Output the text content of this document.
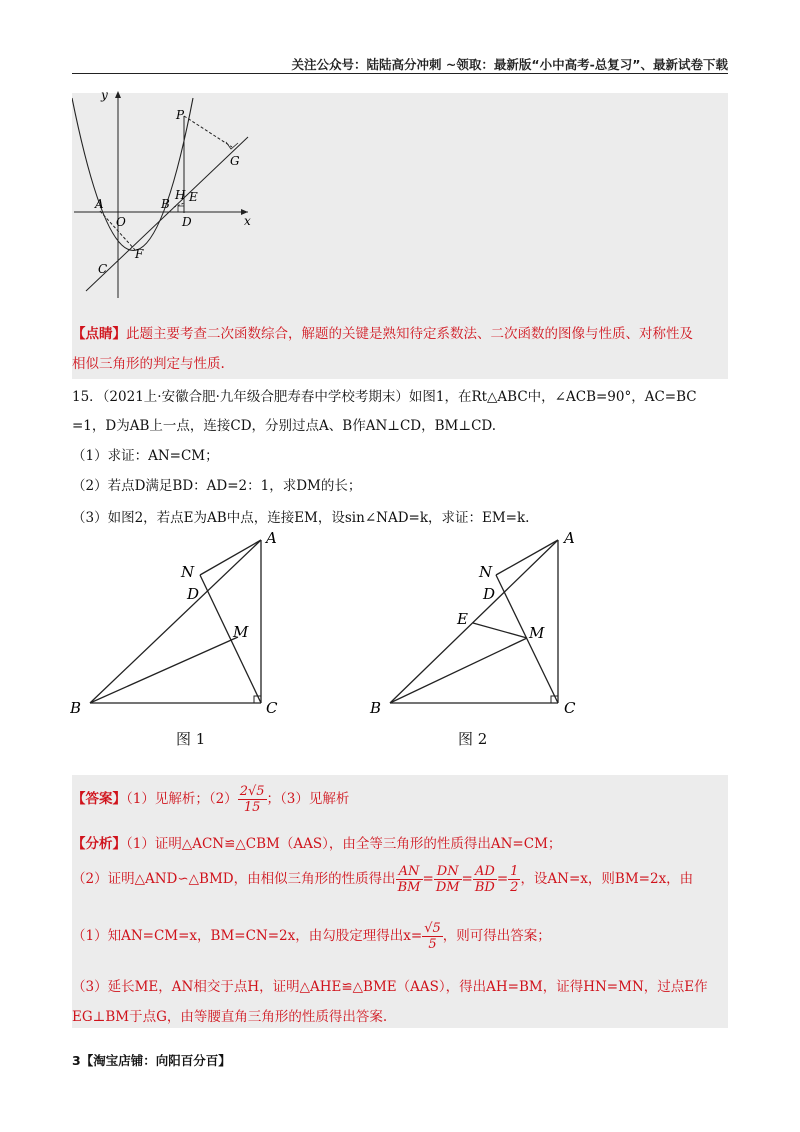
关注公众号：陆陆高分冲刺 ~领取：最新版“小中高考-总复习”、最新试卷下载
y
x
P
G
H E
A
O
B
D
F
C
【点睛】此题主要考查二次函数综合，解题的关键是熟知待定系数法、二次函数的图像与性质、对称性及
相似三角形的判定与性质.
15．（2021上·安徽合肥·九年级合肥寿春中学校考期末）如图1，在Rt△ABC中，∠ACB=90°，AC=BC
=1，D为AB上一点，连接CD，分别过点A、B作AN⊥CD，BM⊥CD.
（1）求证：AN=CM；
（2）若点D满足BD：AD=2：1，求DM的长；
（3）如图2，若点E为AB中点，连接EM，设sin∠NAD=k，求证：EM=k.
A
N
D
M
B	C
图 1
A
N
D
E
M
B	C
图 2
【答案】（1）见解析；$(2) \frac{2√5}{15}$ ；（3）见解析
【分析】（1）证明△ACN≌△CBM（AAS），由全等三角形的性质得出AN=CM；
（2）证明△AND∽△BMD，由相似三角形的性质得出 $\frac{AN}{BM} = \frac{DN}{DM} = \frac{AD}{BD} = \frac{1}{2}$ ，设AN=x，则BM=2x，由
（1）知AN=CM=x，BM=CN=2x，由勾股定理得出$x= \frac{√5}{5}$ ，则可得出答案；
（3）延长ME，AN相交于点H，证明△AHE≌△BME（AAS），得出AH=BM，证得HN=MN，过点E作
EG⊥BM于点G，由等腰直角三角形的性质得出答案.
3【淘宝店铺：向阳百分百】
